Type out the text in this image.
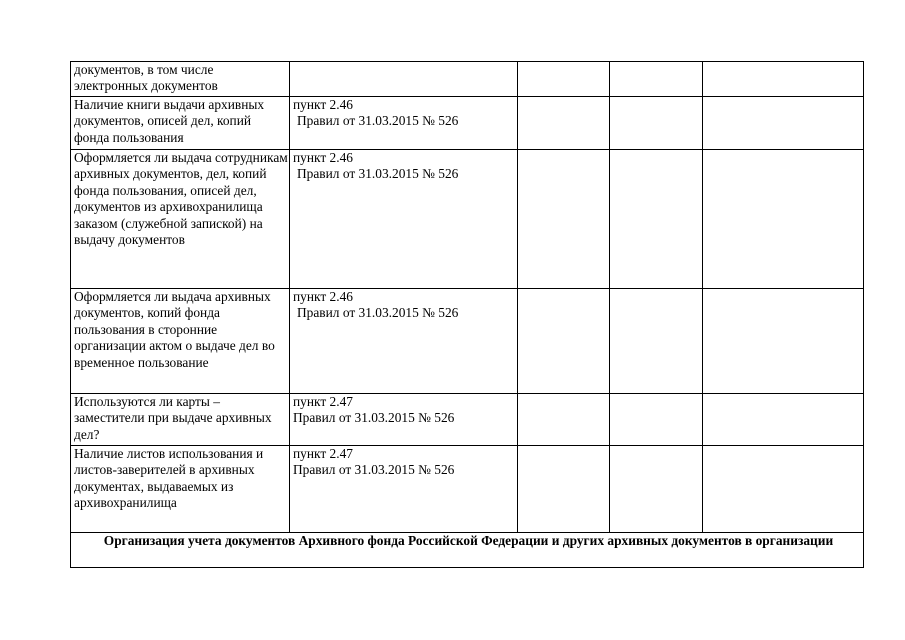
документов, в том числе электронных документов	

Наличие книги выдачи архивных документов, описей дел, копий фонда пользования	пункт 2.46
Правил от 31.03.2015 № 526			

Оформляется ли выдача сотрудникам архивных документов, дел, копий фонда пользования, описей дел, документов из архивохранилища заказом (служебной запиской) на выдачу документов	пункт 2.46
Правил от 31.03.2015 № 526			

Оформляется ли выдача архивных документов, копий фонда пользования в сторонние организации актом о выдаче дел во временное пользование	пункт 2.46
Правил от 31.03.2015 № 526			

Используются ли карты – заместители при выдаче архивных дел?	пункт 2.47
Правил от 31.03.2015 № 526			

Наличие листов использования и листов-заверителей в архивных документах, выдаваемых из архивохранилища	пункт 2.47
Правил от 31.03.2015 № 526			

Организация учета документов Архивного фонда Российской Федерации и других архивных документов в организации				
